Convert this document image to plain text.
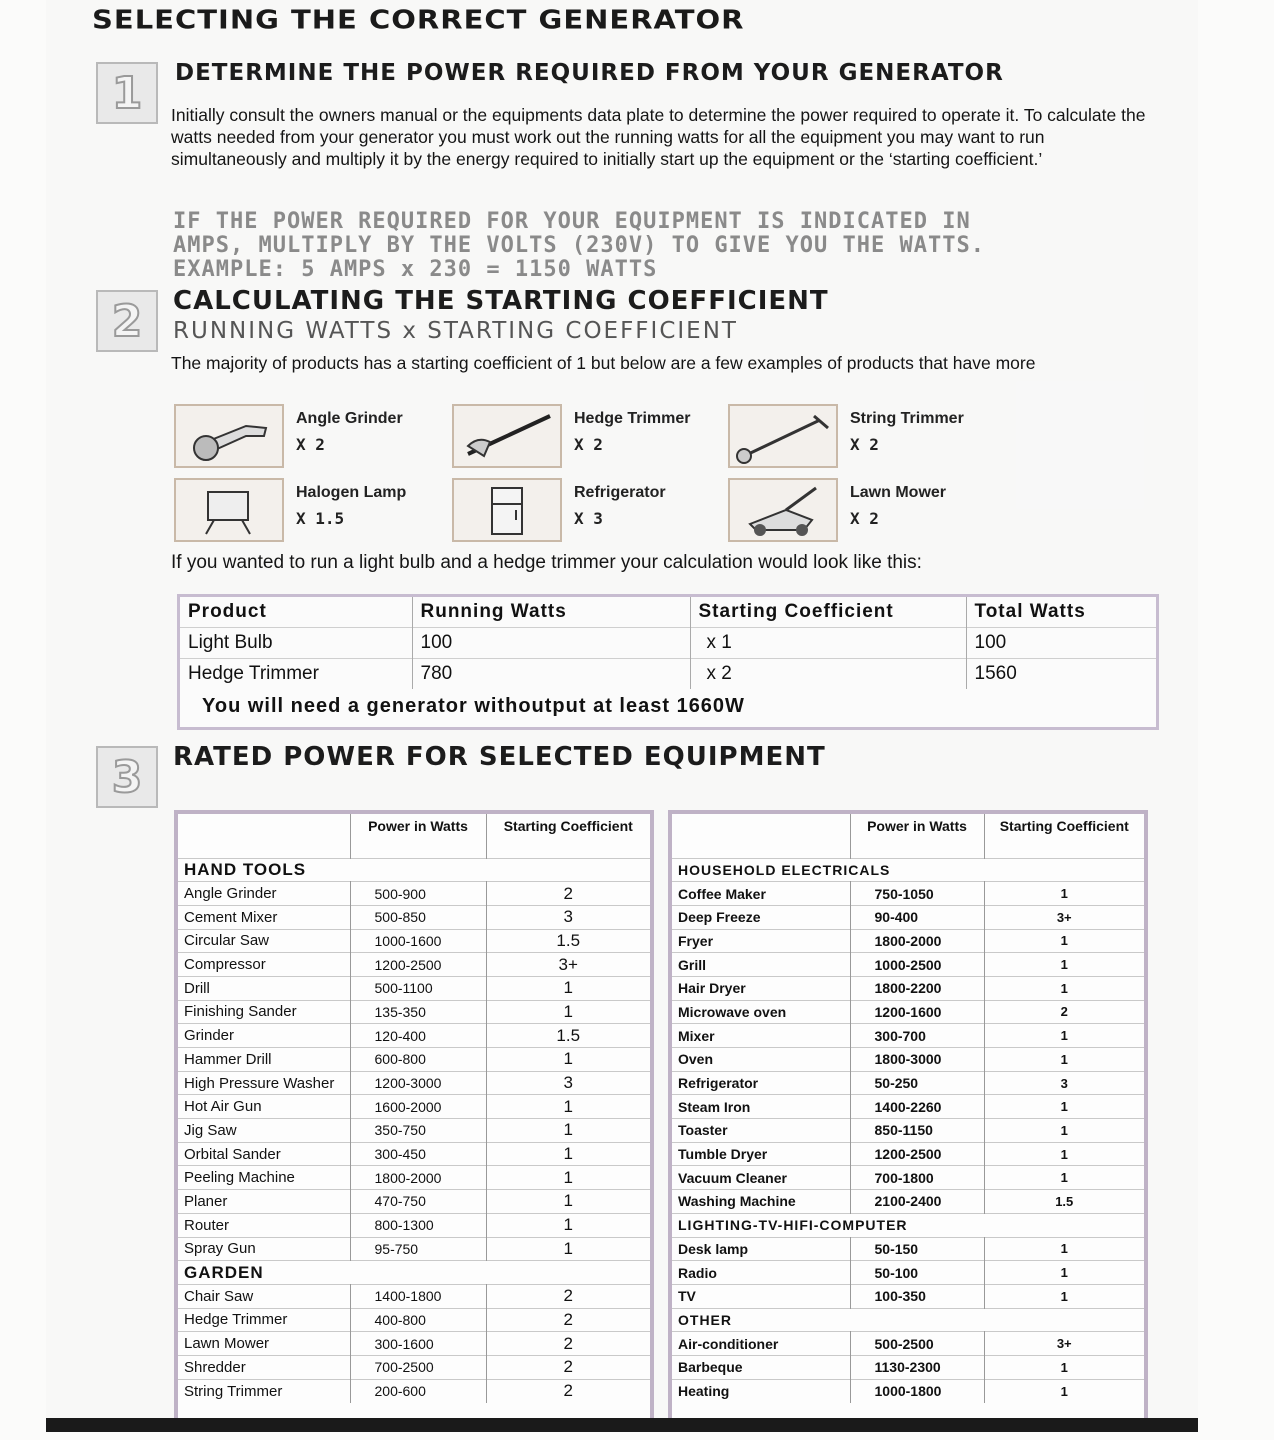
SELECTING THE CORRECT GENERATOR
1 DETERMINE THE POWER REQUIRED FROM YOUR GENERATOR
Initially consult the owners manual or the equipments data plate to determine the power required to operate it. To calculate the watts needed from your generator you must work out the running watts for all the equipment you may want to run simultaneously and multiply it by the energy required to initially start up the equipment or the ‘starting coefficient.’
IF THE POWER REQUIRED FOR YOUR EQUIPMENT IS INDICATED IN
AMPS, MULTIPLY BY THE VOLTS (230V) TO GIVE YOU THE WATTS.
EXAMPLE: 5 AMPS x 230 = 1150 WATTS
2 CALCULATING THE STARTING COEFFICIENT
RUNNING WATTS x STARTING COEFFICIENT
The majority of products has a starting coefficient of 1 but below are a few examples of products that have more
Angle Grinder
X 2
Hedge Trimmer
X 2
String Trimmer
X 2
Halogen Lamp
X 1.5
Refrigerator
X 3
Lawn Mower
X 2
If you wanted to run a light bulb and a hedge trimmer your calculation would look like this:
Product	Running Watts	Starting Coefficient	Total Watts
Light Bulb	100	x 1	100
Hedge Trimmer	780	x 2	1560
You will need a generator withoutput at least 1660W
3 RATED POWER FOR SELECTED EQUIPMENT
	Power in Watts	Starting Coefficient
HAND TOOLS		
Angle Grinder	500-900	2
Cement Mixer	500-850	3
Circular Saw	1000-1600	1.5
Compressor	1200-2500	3+
Drill	500-1100	1
Finishing Sander	135-350	1
Grinder	120-400	1.5
Hammer Drill	600-800	1
High Pressure Washer	1200-3000	3
Hot Air Gun	1600-2000	1
Jig Saw	350-750	1
Orbital Sander	300-450	1
Peeling Machine	1800-2000	1
Planer	470-750	1
Router	800-1300	1
Spray Gun	95-750	1
GARDEN		
Chair Saw	1400-1800	2
Hedge Trimmer	400-800	2
Lawn Mower	300-1600	2
Shredder	700-2500	2
String Trimmer	200-600	2
	Power in Watts	Starting Coefficient
HOUSEHOLD ELECTRICALS		
Coffee Maker	750-1050	1
Deep Freeze	90-400	3+
Fryer	1800-2000	1
Grill	1000-2500	1
Hair Dryer	1800-2200	1
Microwave oven	1200-1600	2
Mixer	300-700	1
Oven	1800-3000	1
Refrigerator	50-250	3
Steam Iron	1400-2260	1
Toaster	850-1150	1
Tumble Dryer	1200-2500	1
Vacuum Cleaner	700-1800	1
Washing Machine	2100-2400	1.5
LIGHTING-TV-HIFI-COMPUTER		
Desk lamp	50-150	1
Radio	50-100	1
TV	100-350	1
OTHER		
Air-conditioner	500-2500	3+
Barbeque	1130-2300	1
Heating	1000-1800	1
